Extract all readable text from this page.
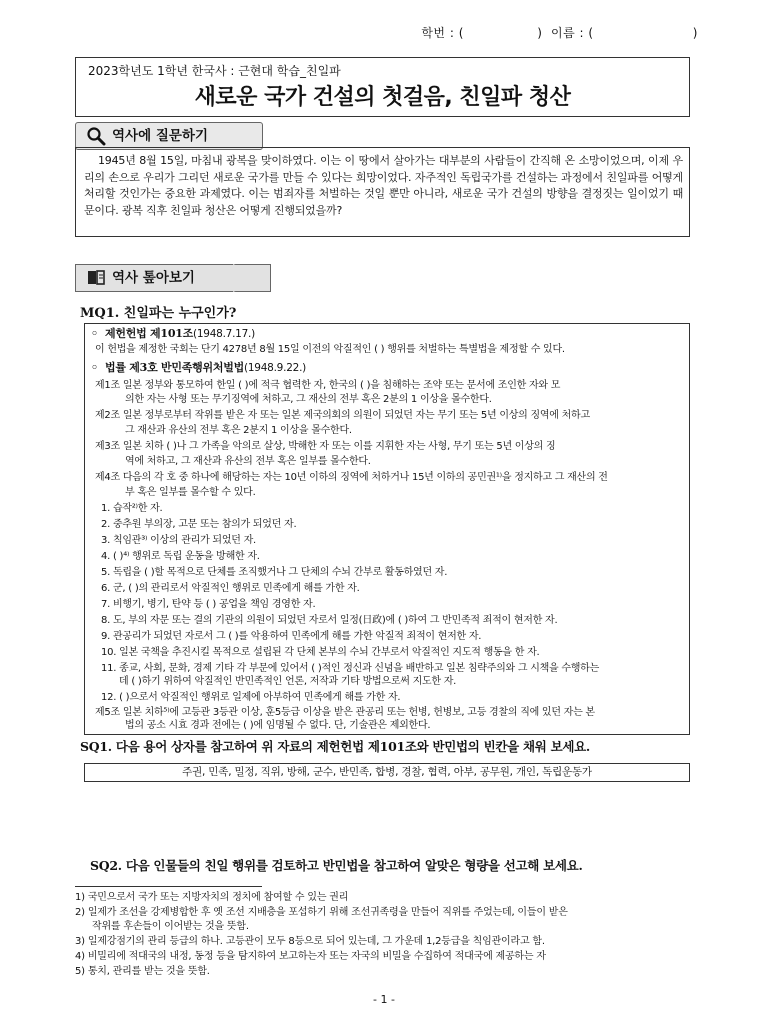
학번 : (                 )  이름 : (                       )
2023학년도 1학년 한국사 : 근현대 학습_친일파
새로운 국가 건설의 첫걸음, 친일파 청산
역사에 질문하기
1945년 8월 15일, 마침내 광복을 맞이하였다. 이는 이 땅에서 살아가는 대부분의 사람들이 간직해 온 소망이었으며, 이제 우리의 손으로 우리가 그리던 새로운 국가를 만들 수 있다는 희망이었다. 자주적인 독립국가를 건설하는 과정에서 친일파를 어떻게 처리할 것인가는 중요한 과제였다. 이는 범죄자를 처벌하는 것일 뿐만 아니라, 새로운 국가 건설의 방향을 결정짓는 일이었기 때문이다. 광복 직후 친일파 청산은 어떻게 진행되었을까?
역사 톺아보기
MQ1. 친일파는 누구인가?
◦ 제헌헌법 제101조(1948.7.17.)
이 헌법을 제정한 국회는 단기 4278년 8월 15일 이전의 악질적인 ( ) 행위를 처벌하는 특별법을 제정할 수 있다.
◦ 법률 제3호 반민족행위처벌법(1948.9.22.)
제1조 일본 정부와 통모하여 한일 ( )에 적극 협력한 자, 한국의 ( )을 침해하는 조약 또는 문서에 조인한 자와 모
의한 자는 사형 또는 무기징역에 처하고, 그 재산의 전부 혹은 2분의 1 이상을 몰수한다.
제2조 일본 정부로부터 작위를 받은 자 또는 일본 제국의회의 의원이 되었던 자는 무기 또는 5년 이상의 징역에 처하고
그 재산과 유산의 전부 혹은 2분지 1 이상을 몰수한다.
제3조 일본 치하 ( )나 그 가족을 악의로 살상, 박해한 자 또는 이를 지휘한 자는 사형, 무기 또는 5년 이상의 징
역에 처하고, 그 재산과 유산의 전부 혹은 일부를 몰수한다.
제4조 다음의 각 호 중 하나에 해당하는 자는 10년 이하의 징역에 처하거나 15년 이하의 공민권¹⁾을 정지하고 그 재산의 전
부 혹은 일부를 몰수할 수 있다.
1. 습작²⁾한 자.
2. 중추원 부의장, 고문 또는 참의가 되었던 자.
3. 칙임관³⁾ 이상의 관리가 되었던 자.
4. ( )⁴⁾ 행위로 독립 운동을 방해한 자.
5. 독립을 ( )할 목적으로 단체를 조직했거나 그 단체의 수뇌 간부로 활동하였던 자.
6. 군, ( )의 관리로서 악질적인 행위로 민족에게 해를 가한 자.
7. 비행기, 병기, 탄약 등 ( ) 공업을 책임 경영한 자.
8. 도, 부의 자문 또는 결의 기관의 의원이 되었던 자로서 일정(日政)에 ( )하여 그 반민족적 죄적이 현저한 자.
9. 관공리가 되었던 자로서 그 ( )를 악용하여 민족에게 해를 가한 악질적 죄적이 현저한 자.
10. 일본 국책을 추진시킬 목적으로 설립된 각 단체 본부의 수뇌 간부로서 악질적인 지도적 행동을 한 자.
11. 종교, 사회, 문화, 경제 기타 각 부문에 있어서 ( )적인 정신과 신념을 배반하고 일본 침략주의와 그 시책을 수행하는
데 ( )하기 위하여 악질적인 반민족적인 언론, 저작과 기타 방법으로써 지도한 자.
12. ( )으로서 악질적인 행위로 일제에 아부하여 민족에게 해를 가한 자.
제5조 일본 치하⁵⁾에 고등관 3등관 이상, 훈5등급 이상을 받은 관공리 또는 헌병, 헌병보, 고등 경찰의 직에 있던 자는 본
법의 공소 시효 경과 전에는 ( )에 임명될 수 없다. 단, 기술관은 제외한다.
SQ1. 다음 용어 상자를 참고하여 위 자료의 제헌헌법 제101조와 반민법의 빈칸을 채워 보세요.
주권, 민족, 밀정, 직위, 방해, 군수, 반민족, 합병, 경찰, 협력, 아부, 공무원, 개인, 독립운동가
SQ2. 다음 인물들의 친일 행위를 검토하고 반민법을 참고하여 알맞은 형량을 선고해 보세요.
1) 국민으로서 국가 또는 지방자치의 정치에 참여할 수 있는 권리
2) 일제가 조선을 강제병합한 후 옛 조선 지배층을 포섭하기 위해 조선귀족령을 만들어 직위를 주었는데, 이들이 받은
작위를 후손들이 이어받는 것을 뜻함.
3) 일제강점기의 관리 등급의 하나. 고등관이 모두 8등으로 되어 있는데, 그 가운데 1,2등급을 칙임관이라고 함.
4) 비밀리에 적대국의 내정, 동정 등을 탐지하여 보고하는자 또는 자국의 비밀을 수집하여 적대국에 제공하는 자
5) 통치, 관리를 받는 것을 뜻함.
- 1 -
